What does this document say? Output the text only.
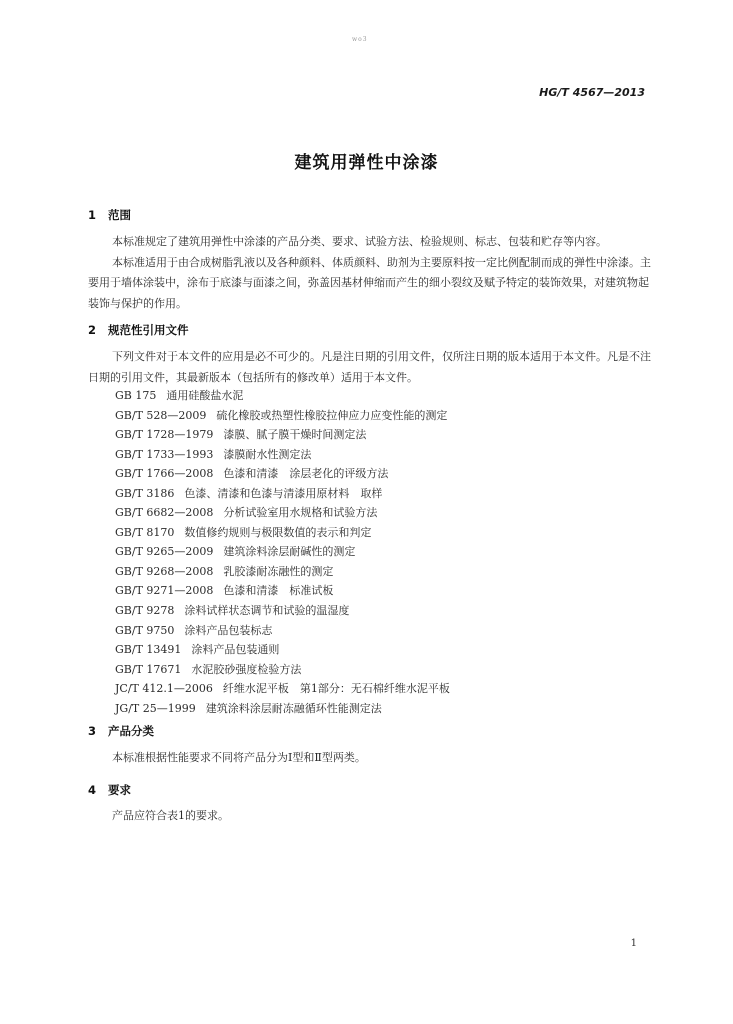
wo3
HG/T 4567—2013
建筑用弹性中涂漆
1 范围
本标准规定了建筑用弹性中涂漆的产品分类、要求、试验方法、检验规则、标志、包装和贮存等内容。
本标准适用于由合成树脂乳液以及各种颜料、体质颜料、助剂为主要原料按一定比例配制而成的弹性中涂漆。主要用于墙体涂装中，涂布于底漆与面漆之间，弥盖因基材伸缩而产生的细小裂纹及赋予特定的装饰效果，对建筑物起装饰与保护的作用。
2 规范性引用文件
下列文件对于本文件的应用是必不可少的。凡是注日期的引用文件，仅所注日期的版本适用于本文件。凡是不注日期的引用文件，其最新版本（包括所有的修改单）适用于本文件。
GB 175 通用硅酸盐水泥
GB/T 528—2009 硫化橡胶或热塑性橡胶拉伸应力应变性能的测定
GB/T 1728—1979 漆膜、腻子膜干燥时间测定法
GB/T 1733—1993 漆膜耐水性测定法
GB/T 1766—2008 色漆和清漆　涂层老化的评级方法
GB/T 3186 色漆、清漆和色漆与清漆用原材料　取样
GB/T 6682—2008 分析试验室用水规格和试验方法
GB/T 8170 数值修约规则与极限数值的表示和判定
GB/T 9265—2009 建筑涂料涂层耐碱性的测定
GB/T 9268—2008 乳胶漆耐冻融性的测定
GB/T 9271—2008 色漆和清漆　标准试板
GB/T 9278 涂料试样状态调节和试验的温湿度
GB/T 9750 涂料产品包装标志
GB/T 13491 涂料产品包装通则
GB/T 17671 水泥胶砂强度检验方法
JC/T 412.1—2006 纤维水泥平板　第1部分：无石棉纤维水泥平板
JG/T 25—1999 建筑涂料涂层耐冻融循环性能测定法
3 产品分类
本标准根据性能要求不同将产品分为Ⅰ型和Ⅱ型两类。
4 要求
产品应符合表1的要求。
1
